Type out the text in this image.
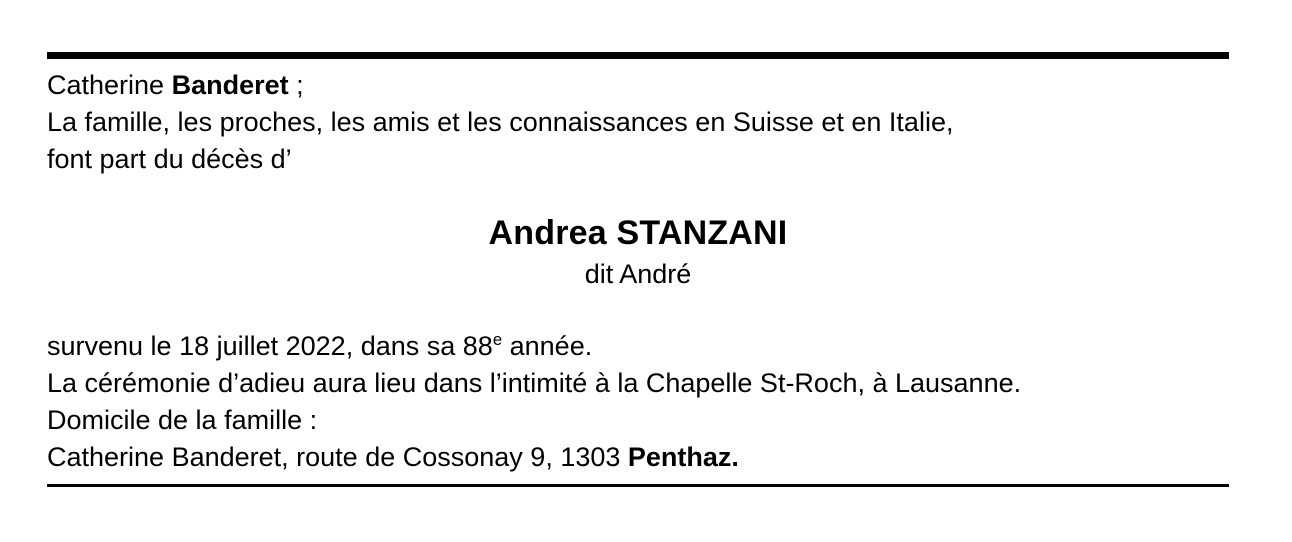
Catherine Banderet ;
La famille, les proches, les amis et les connaissances en Suisse et en Italie,
font part du décès d’
Andrea STANZANI
dit André
survenu le 18 juillet 2022, dans sa 88e année.
La cérémonie d’adieu aura lieu dans l’intimité à la Chapelle St-Roch, à Lausanne.
Domicile de la famille :
Catherine Banderet, route de Cossonay 9, 1303 Penthaz.
